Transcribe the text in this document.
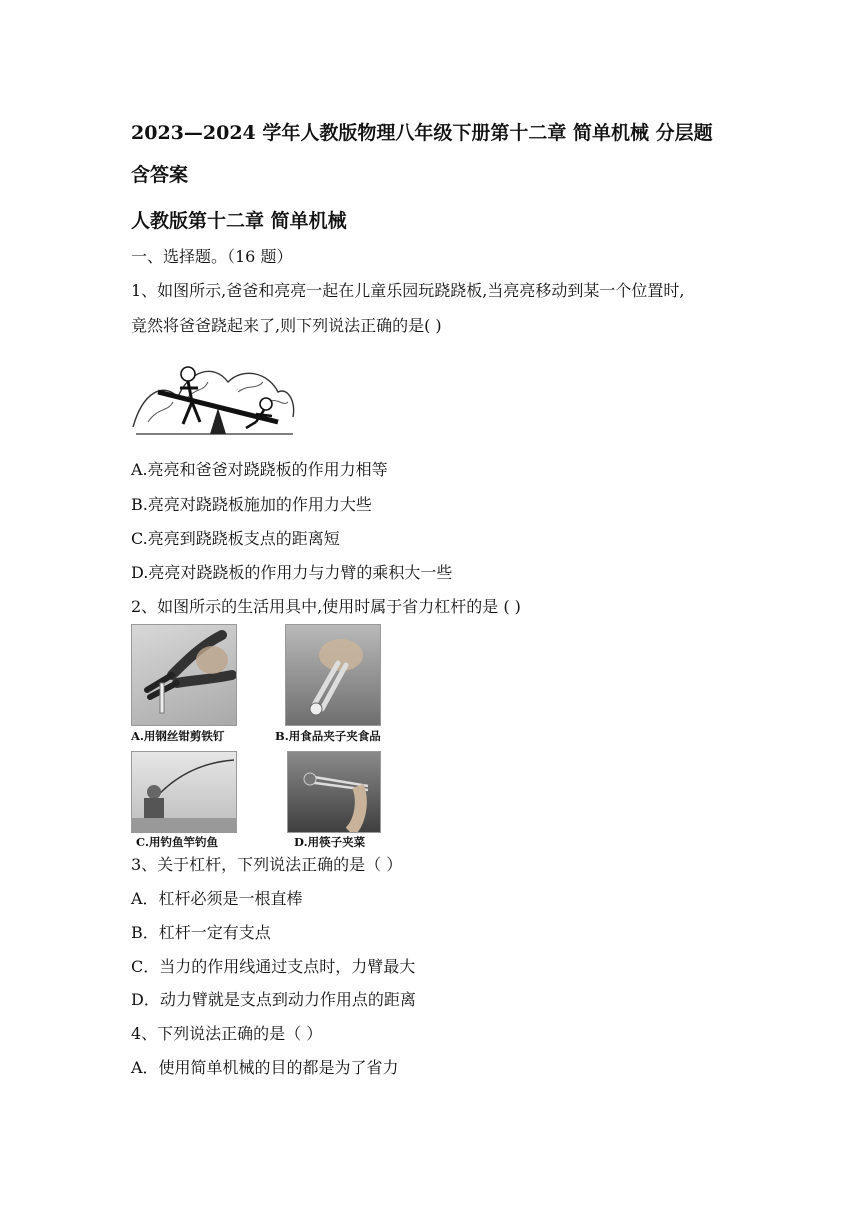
2023—2024 学年人教版物理八年级下册第十二章 简单机械 分层题
含答案
人教版第十二章 简单机械
一、选择题。（16 题）
1、如图所示,爸爸和亮亮一起在儿童乐园玩跷跷板,当亮亮移动到某一个位置时,
竟然将爸爸跷起来了,则下列说法正确的是( )
A.亮亮和爸爸对跷跷板的作用力相等
B.亮亮对跷跷板施加的作用力大些
C.亮亮到跷跷板支点的距离短
D.亮亮对跷跷板的作用力与力臂的乘积大一些
2、如图所示的生活用具中,使用时属于省力杠杆的是 ( )
A.用钢丝钳剪铁钉	B.用食品夹子夹食品
C.用钓鱼竿钓鱼	D.用筷子夹菜
3、关于杠杆，下列说法正确的是（ ）
A．杠杆必须是一根直棒
B．杠杆一定有支点
C．当力的作用线通过支点时，力臂最大
D．动力臂就是支点到动力作用点的距离
4、下列说法正确的是（ ）
A．使用简单机械的目的都是为了省力
